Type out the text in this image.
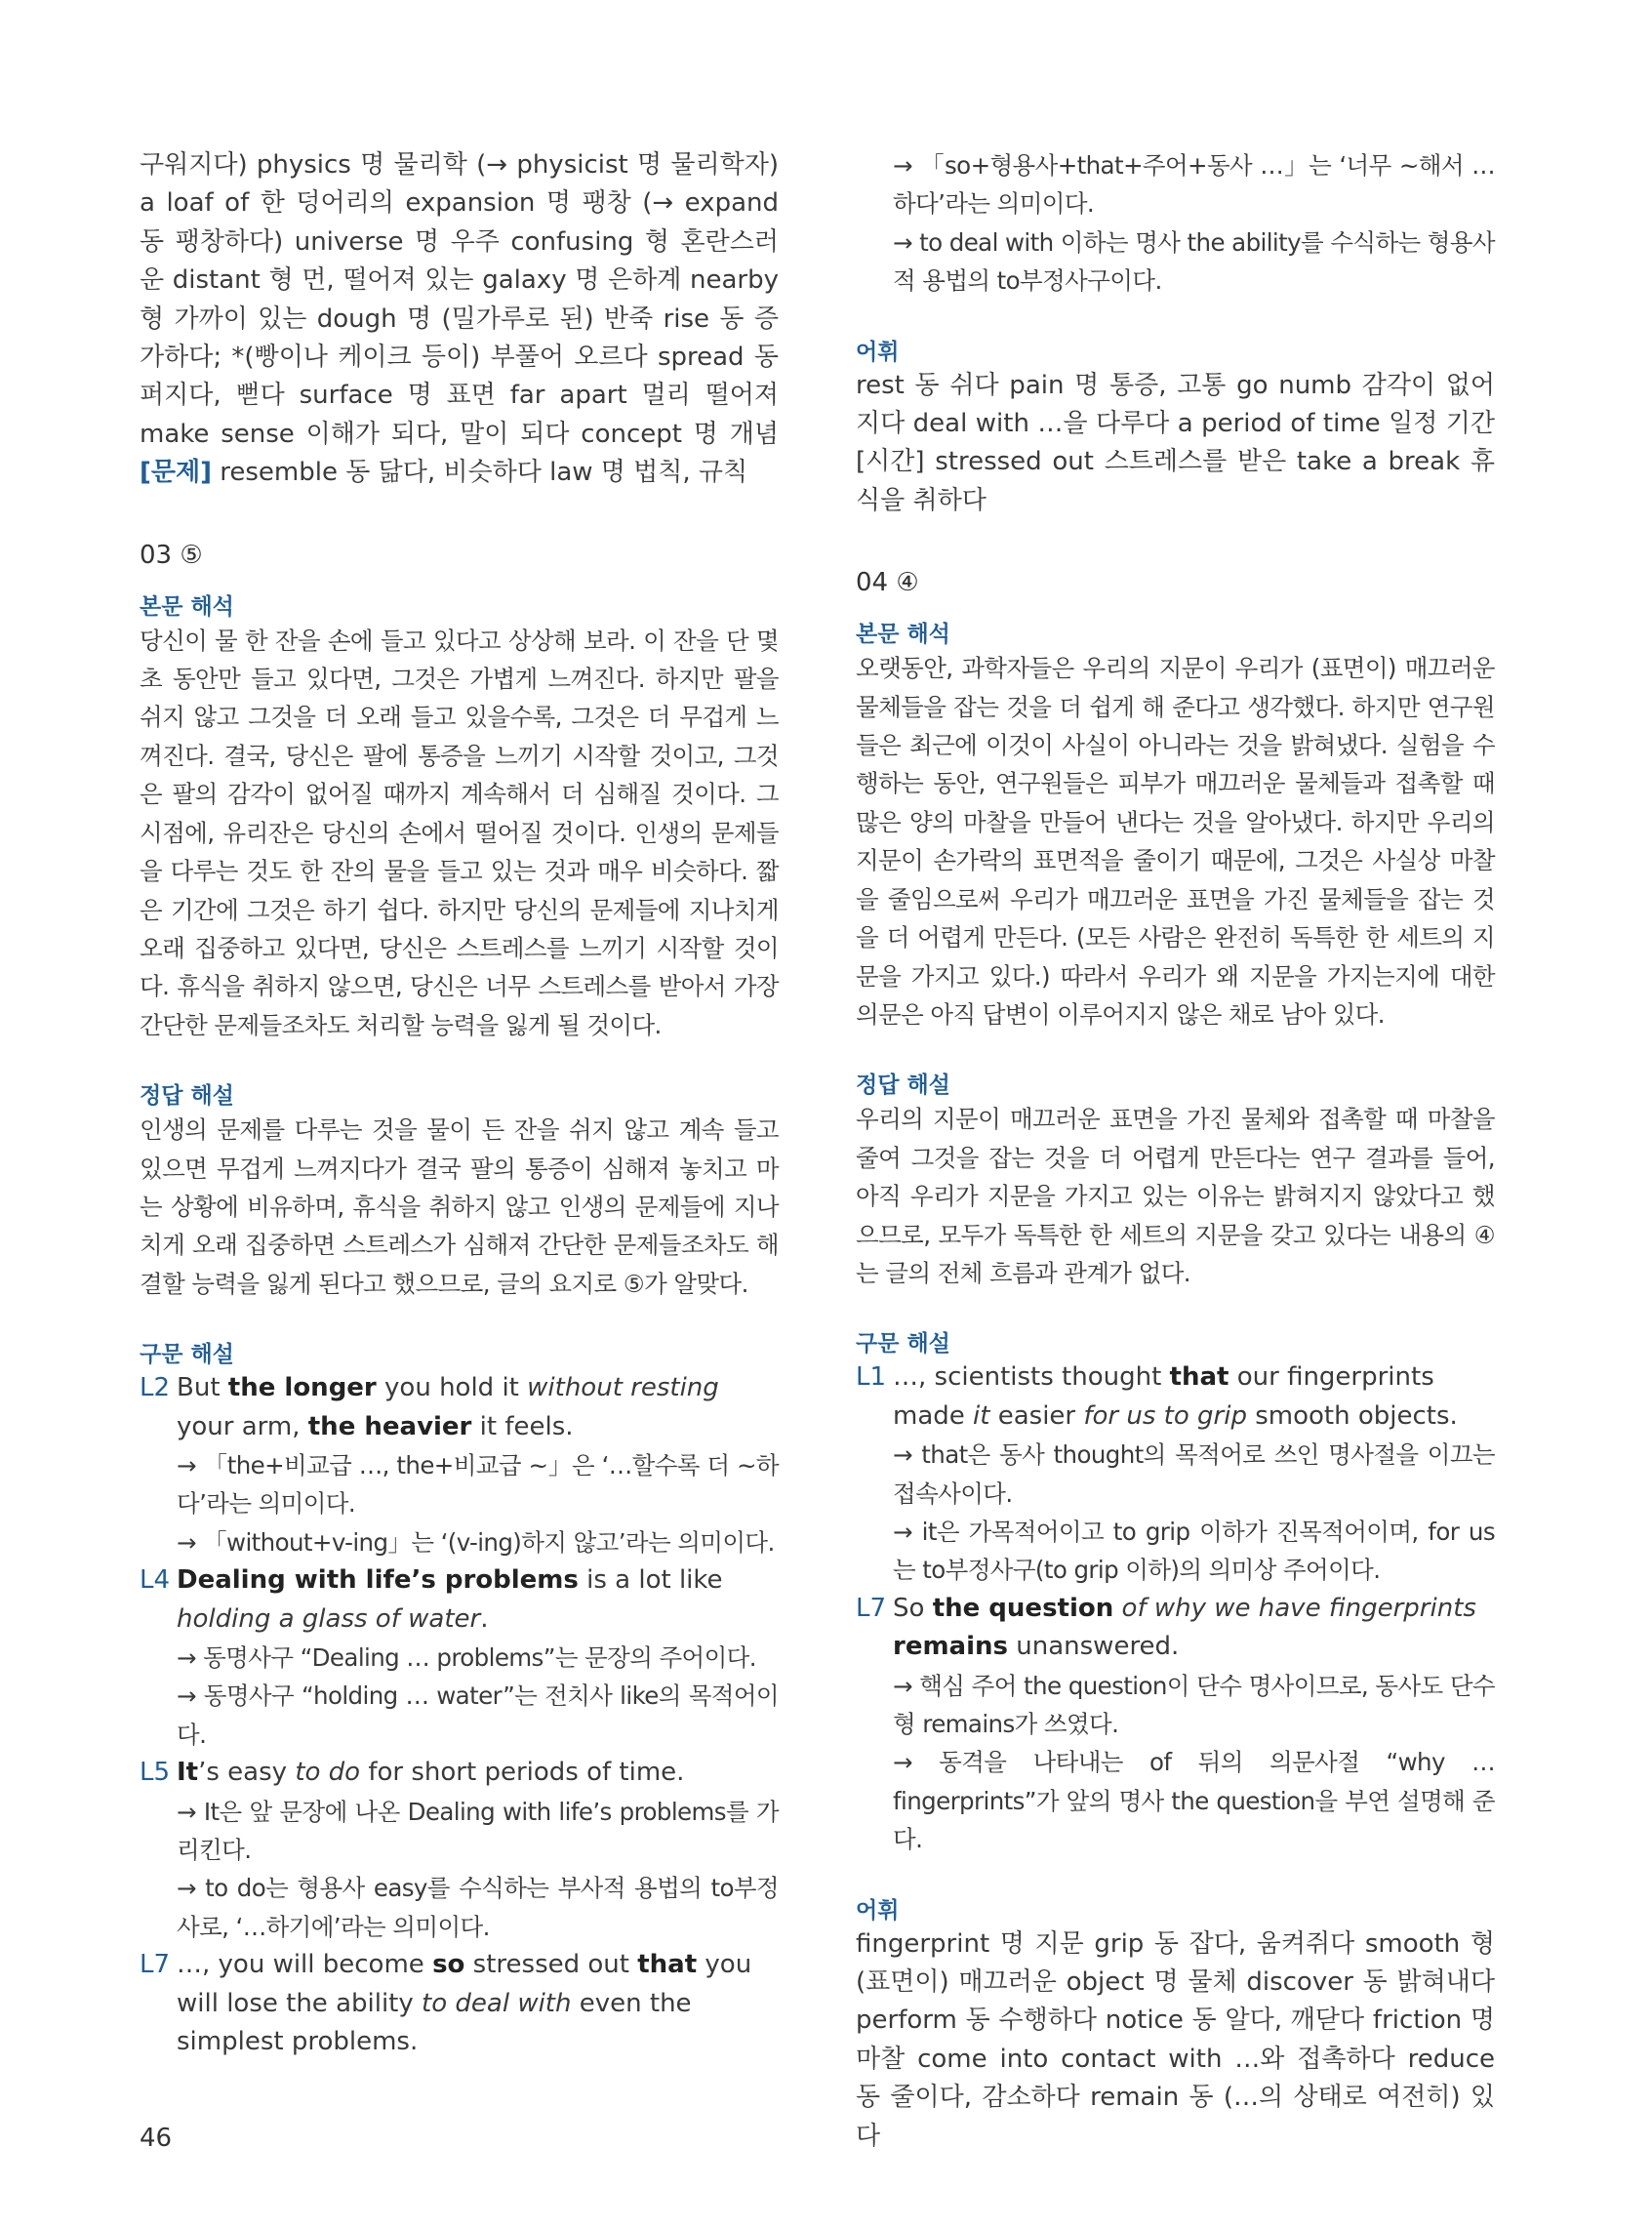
구워지다) physics 명 물리학 (→ physicist 명 물리학자) a loaf of 한 덩어리의 expansion 명 팽창 (→ expand 동 팽창하다) universe 명 우주 confusing 형 혼란스러운 distant 형 먼, 떨어져 있는 galaxy 명 은하계 nearby 형 가까이 있는 dough 명 (밀가루로 된) 반죽 rise 동 증가하다; *(빵이나 케이크 등이) 부풀어 오르다 spread 동 퍼지다, 뻗다 surface 명 표면 far apart 멀리 떨어져 make sense 이해가 되다, 말이 되다 concept 명 개념 [문제] resemble 동 닮다, 비슷하다 law 명 법칙, 규칙

03 ⑤
본문 해석

당신이 물 한 잔을 손에 들고 있다고 상상해 보라. 이 잔을 단 몇 초 동안만 들고 있다면, 그것은 가볍게 느껴진다. 하지만 팔을 쉬지 않고 그것을 더 오래 들고 있을수록, 그것은 더 무겁게 느껴진다. 결국, 당신은 팔에 통증을 느끼기 시작할 것이고, 그것은 팔의 감각이 없어질 때까지 계속해서 더 심해질 것이다. 그 시점에, 유리잔은 당신의 손에서 떨어질 것이다. 인생의 문제들을 다루는 것도 한 잔의 물을 들고 있는 것과 매우 비슷하다. 짧은 기간에 그것은 하기 쉽다. 하지만 당신의 문제들에 지나치게 오래 집중하고 있다면, 당신은 스트레스를 느끼기 시작할 것이다. 휴식을 취하지 않으면, 당신은 너무 스트레스를 받아서 가장 간단한 문제들조차도 처리할 능력을 잃게 될 것이다.

정답 해설

인생의 문제를 다루는 것을 물이 든 잔을 쉬지 않고 계속 들고 있으면 무겁게 느껴지다가 결국 팔의 통증이 심해져 놓치고 마는 상황에 비유하며, 휴식을 취하지 않고 인생의 문제들에 지나치게 오래 집중하면 스트레스가 심해져 간단한 문제들조차도 해결할 능력을 잃게 된다고 했으므로, 글의 요지로 ⑤가 알맞다.

구문 해설
L2 But the longer you hold it without resting your arm, the heavier it feels.

→ 「the+비교급 …, the+비교급 ~」은 ‘…할수록 더 ~하다’라는 의미이다.

→ 「without+v-ing」는 ‘(v-ing)하지 않고’라는 의미이다.

L4 Dealing with life’s problems is a lot like holding a glass of water.

→ 동명사구 “Dealing … problems”는 문장의 주어이다.

→ 동명사구 “holding … water”는 전치사 like의 목적어이다.

L5 It’s easy to do for short periods of time.

→ It은 앞 문장에 나온 Dealing with life’s problems를 가리킨다.

→ to do는 형용사 easy를 수식하는 부사적 용법의 to부정사로, ‘…하기에’라는 의미이다.

L7 …, you will become so stressed out that you will lose the ability to deal with even the simplest problems.

→ 「so+형용사+that+주어+동사 …」는 ‘너무 ~해서 …하다’라는 의미이다.

→ to deal with 이하는 명사 the ability를 수식하는 형용사적 용법의 to부정사구이다.

어휘

rest 동 쉬다 pain 명 통증, 고통 go numb 감각이 없어지다 deal with …을 다루다 a period of time 일정 기간[시간] stressed out 스트레스를 받은 take a break 휴식을 취하다

04 ④
본문 해석

오랫동안, 과학자들은 우리의 지문이 우리가 (표면이) 매끄러운 물체들을 잡는 것을 더 쉽게 해 준다고 생각했다. 하지만 연구원들은 최근에 이것이 사실이 아니라는 것을 밝혀냈다. 실험을 수행하는 동안, 연구원들은 피부가 매끄러운 물체들과 접촉할 때 많은 양의 마찰을 만들어 낸다는 것을 알아냈다. 하지만 우리의 지문이 손가락의 표면적을 줄이기 때문에, 그것은 사실상 마찰을 줄임으로써 우리가 매끄러운 표면을 가진 물체들을 잡는 것을 더 어렵게 만든다. (모든 사람은 완전히 독특한 한 세트의 지문을 가지고 있다.) 따라서 우리가 왜 지문을 가지는지에 대한 의문은 아직 답변이 이루어지지 않은 채로 남아 있다.

정답 해설

우리의 지문이 매끄러운 표면을 가진 물체와 접촉할 때 마찰을 줄여 그것을 잡는 것을 더 어렵게 만든다는 연구 결과를 들어, 아직 우리가 지문을 가지고 있는 이유는 밝혀지지 않았다고 했으므로, 모두가 독특한 한 세트의 지문을 갖고 있다는 내용의 ④는 글의 전체 흐름과 관계가 없다.

구문 해설
L1 …, scientists thought that our fingerprints made it easier for us to grip smooth objects.

→ that은 동사 thought의 목적어로 쓰인 명사절을 이끄는 접속사이다.

→ it은 가목적어이고 to grip 이하가 진목적어이며, for us는 to부정사구(to grip 이하)의 의미상 주어이다.

L7 So the question of why we have fingerprints remains unanswered.

→ 핵심 주어 the question이 단수 명사이므로, 동사도 단수형 remains가 쓰였다.

→ 동격을 나타내는 of 뒤의 의문사절 “why … fingerprints”가 앞의 명사 the question을 부연 설명해 준다.

어휘

fingerprint 명 지문 grip 동 잡다, 움켜쥐다 smooth 형 (표면이) 매끄러운 object 명 물체 discover 동 밝혀내다 perform 동 수행하다 notice 동 알다, 깨닫다 friction 명 마찰 come into contact with …와 접촉하다 reduce 동 줄이다, 감소하다 remain 동 (…의 상태로 여전히) 있다

46
